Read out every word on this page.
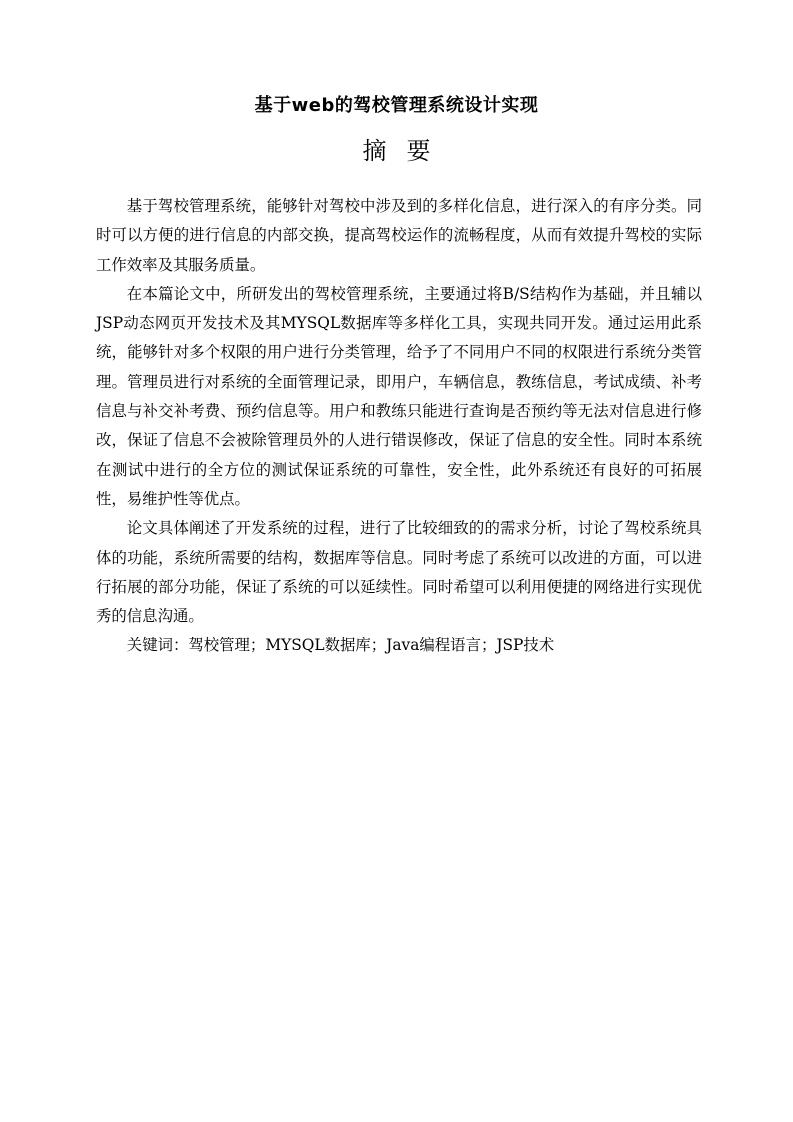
基于web的驾校管理系统设计实现
摘要

基于驾校管理系统，能够针对驾校中涉及到的多样化信息，进行深入的有序分类。同时可以方便的进行信息的内部交换，提高驾校运作的流畅程度，从而有效提升驾校的实际工作效率及其服务质量。

在本篇论文中，所研发出的驾校管理系统，主要通过将B/S结构作为基础，并且辅以JSP动态网页开发技术及其MYSQL数据库等多样化工具，实现共同开发。通过运用此系统，能够针对多个权限的用户进行分类管理，给予了不同用户不同的权限进行系统分类管理。管理员进行对系统的全面管理记录，即用户，车辆信息，教练信息，考试成绩、补考信息与补交补考费、预约信息等。用户和教练只能进行查询是否预约等无法对信息进行修改，保证了信息不会被除管理员外的人进行错误修改，保证了信息的安全性。同时本系统在测试中进行的全方位的测试保证系统的可靠性，安全性，此外系统还有良好的可拓展性，易维护性等优点。

论文具体阐述了开发系统的过程，进行了比较细致的的需求分析，讨论了驾校系统具体的功能，系统所需要的结构，数据库等信息。同时考虑了系统可以改进的方面，可以进行拓展的部分功能，保证了系统的可以延续性。同时希望可以利用便捷的网络进行实现优秀的信息沟通。

关键词：驾校管理；MYSQL数据库；Java编程语言；JSP技术
